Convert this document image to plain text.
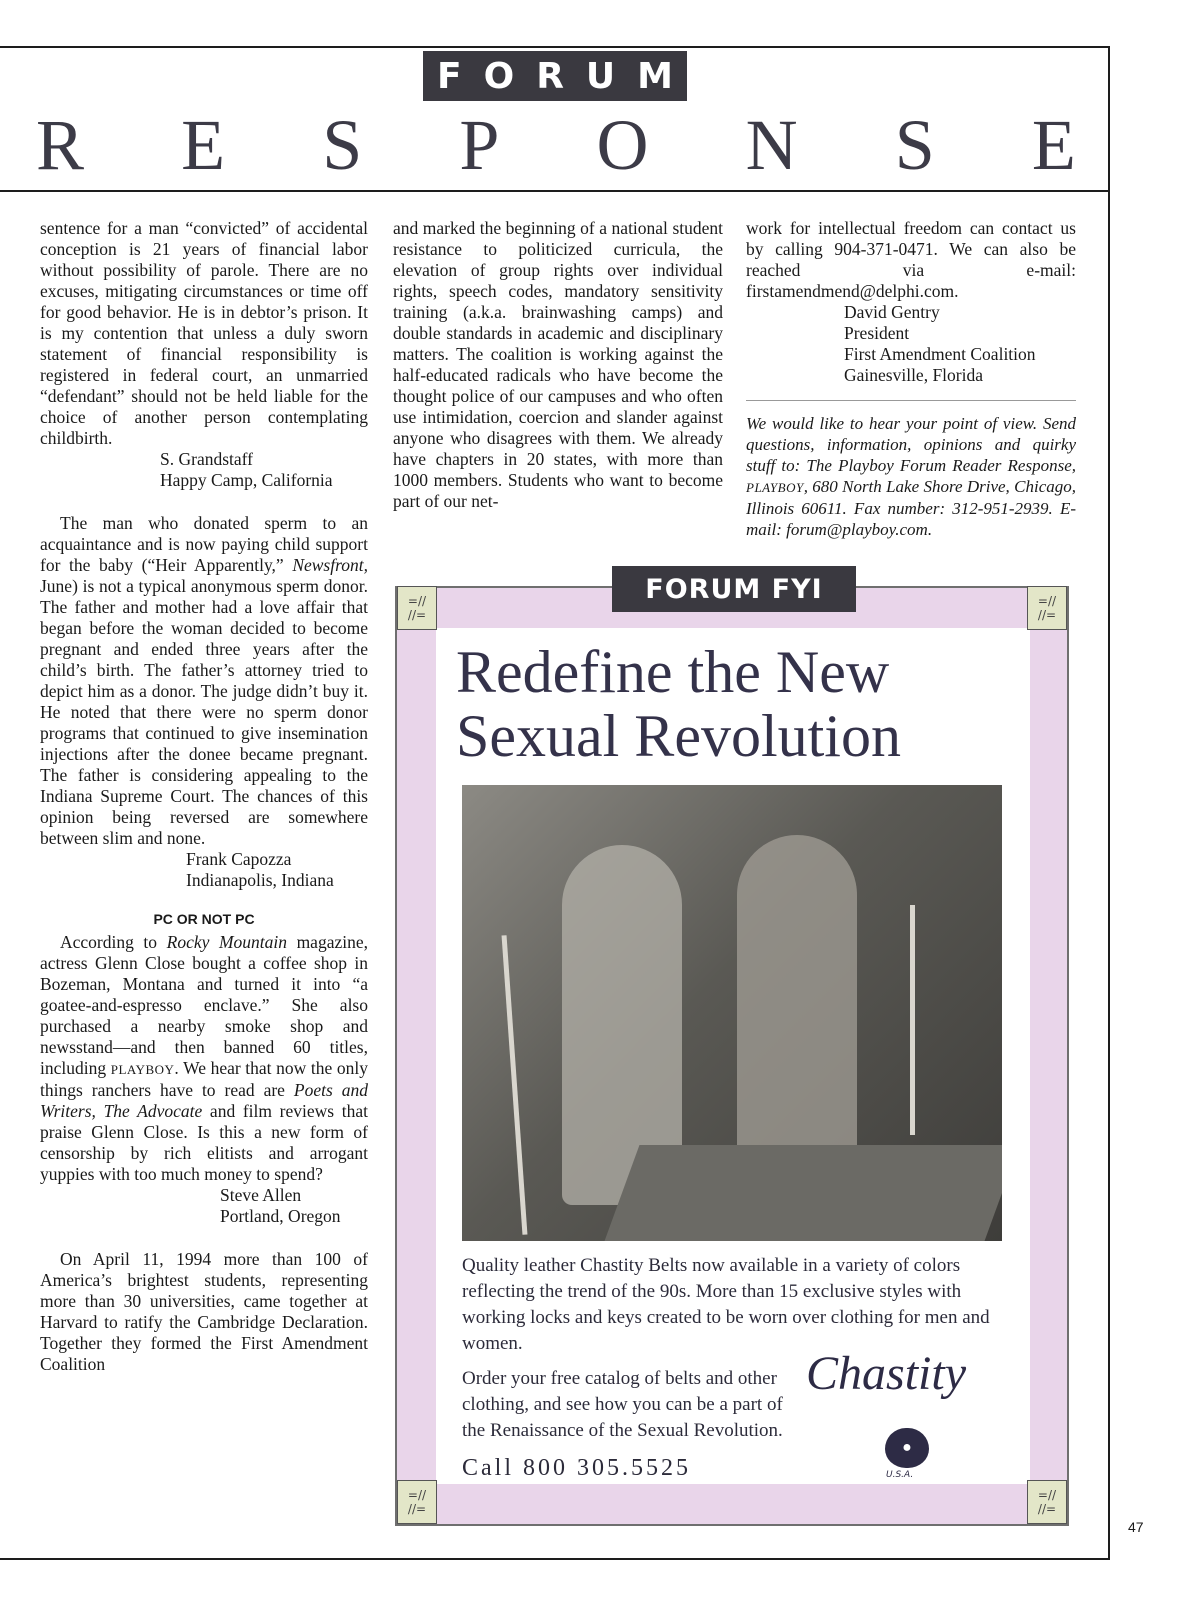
FORUM
R E S P O N S E

sentence for a man “convicted” of accidental conception is 21 years of financial labor without possibility of parole. There are no excuses, mitigating circumstances or time off for good behavior. He is in debtor’s prison. It is my contention that unless a duly sworn statement of financial responsibility is registered in federal court, an unmarried “defendant” should not be held liable for the choice of another person contemplating childbirth.

S. Grandstaff

Happy Camp, California

The man who donated sperm to an acquaintance and is now paying child support for the baby (“Heir Apparently,” Newsfront, June) is not a typical anonymous sperm donor. The father and mother had a love affair that began before the woman decided to become pregnant and ended three years after the child’s birth. The father’s attorney tried to depict him as a donor. The judge didn’t buy it. He noted that there were no sperm donor programs that continued to give insemination injections after the donee became pregnant. The father is considering appealing to the Indiana Supreme Court. The chances of this opinion being reversed are somewhere between slim and none.

Frank Capozza

Indianapolis, Indiana

PC OR NOT PC

According to Rocky Mountain magazine, actress Glenn Close bought a coffee shop in Bozeman, Montana and turned it into “a goatee-and-espresso enclave.” She also purchased a nearby smoke shop and newsstand—and then banned 60 titles, including PLAYBOY. We hear that now the only things ranchers have to read are Poets and Writers, The Advocate and film reviews that praise Glenn Close. Is this a new form of censorship by rich elitists and arrogant yuppies with too much money to spend?

Steve Allen

Portland, Oregon

On April 11, 1994 more than 100 of America’s brightest students, representing more than 30 universities, came together at Harvard to ratify the Cambridge Declaration. Together they formed the First Amendment Coalition

and marked the beginning of a national student resistance to politicized curricula, the elevation of group rights over individual rights, speech codes, mandatory sensitivity training (a.k.a. brainwashing camps) and double standards in academic and disciplinary matters. The coalition is working against the half-educated radicals who have become the thought police of our campuses and who often use intimidation, coercion and slander against anyone who disagrees with them. We already have chapters in 20 states, with more than 1000 members. Students who want to become part of our net-

work for intellectual freedom can contact us by calling 904-371-0471. We can also be reached via e-mail: firstamendmend@delphi.com.

David Gentry

President

First Amendment Coalition

Gainesville, Florida

We would like to hear your point of view. Send questions, information, opinions and quirky stuff to: The Playboy Forum Reader Response, PLAYBOY, 680 North Lake Shore Drive, Chicago, Illinois 60611. Fax number: 312-951-2939. E-mail: forum@playboy.com.

FORUM FYI
=//
//=
=//
//=
=//
//=
=//
//=
Redefine the New
Sexual Revolution
Quality leather Chastity Belts now available in a variety of colors reflecting the trend of the 90s. More than 15 exclusive styles with working locks and keys created to be worn over clothing for men and women.
Order your free catalog of belts and other clothing, and see how you can be a part of the Renaissance of the Sexual Revolution.
Call 800 305.5525
Chastity
●
U.S.A.
47
